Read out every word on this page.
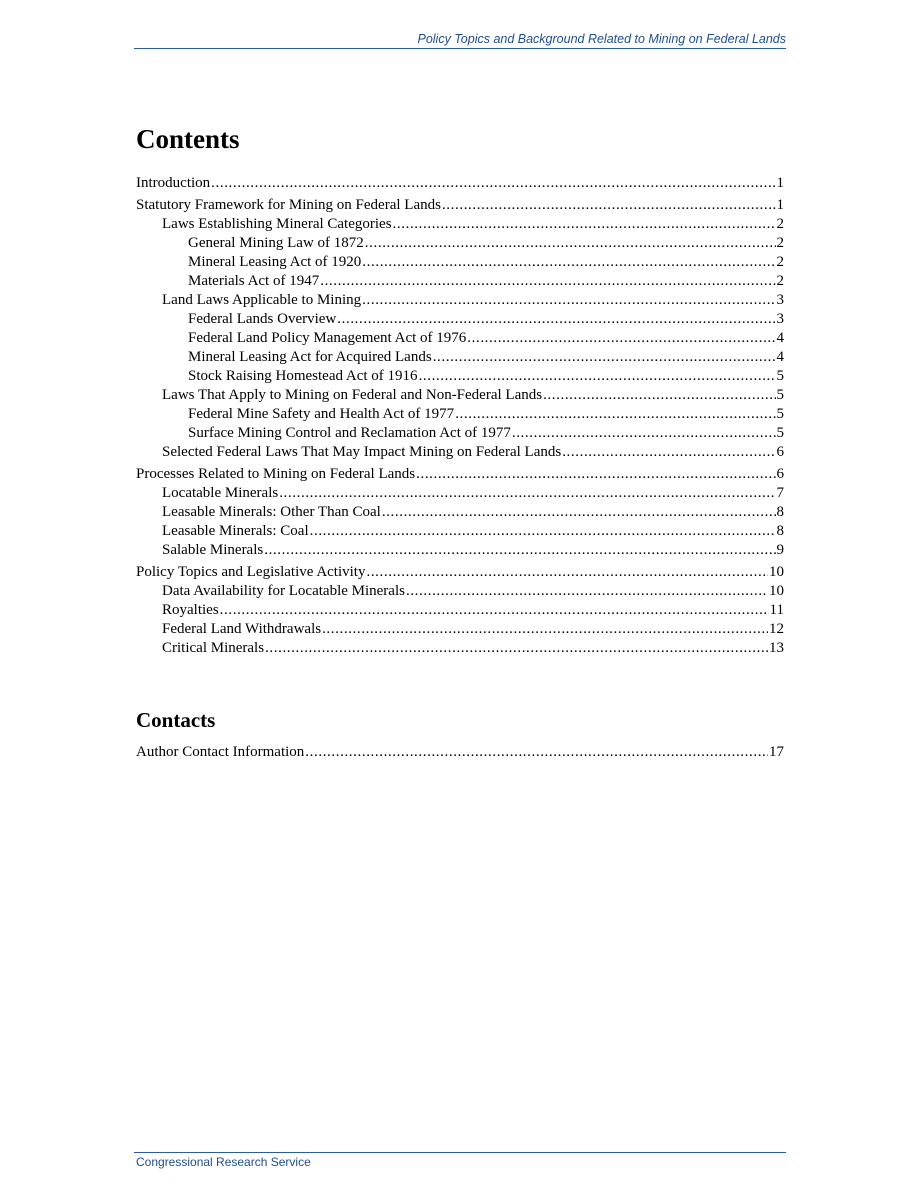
Policy Topics and Background Related to Mining on Federal Lands
Contents
Introduction .....	1
Statutory Framework for Mining on Federal Lands .....	1
Laws Establishing Mineral Categories .....	2
General Mining Law of 1872 .....	2
Mineral Leasing Act of 1920 .....	2
Materials Act of 1947 .....	2
Land Laws Applicable to Mining .....	3
Federal Lands Overview .....	3
Federal Land Policy Management Act of 1976 .....	4
Mineral Leasing Act for Acquired Lands .....	4
Stock Raising Homestead Act of 1916 .....	5
Laws That Apply to Mining on Federal and Non-Federal Lands .....	5
Federal Mine Safety and Health Act of 1977 .....	5
Surface Mining Control and Reclamation Act of 1977 .....	5
Selected Federal Laws That May Impact Mining on Federal Lands .....	6
Processes Related to Mining on Federal Lands .....	6
Locatable Minerals .....	7
Leasable Minerals: Other Than Coal .....	8
Leasable Minerals: Coal .....	8
Salable Minerals .....	9
Policy Topics and Legislative Activity .....	10
Data Availability for Locatable Minerals .....	10
Royalties .....	11
Federal Land Withdrawals .....	12
Critical Minerals .....	13
Contacts
Author Contact Information .....	17
Congressional Research Service
